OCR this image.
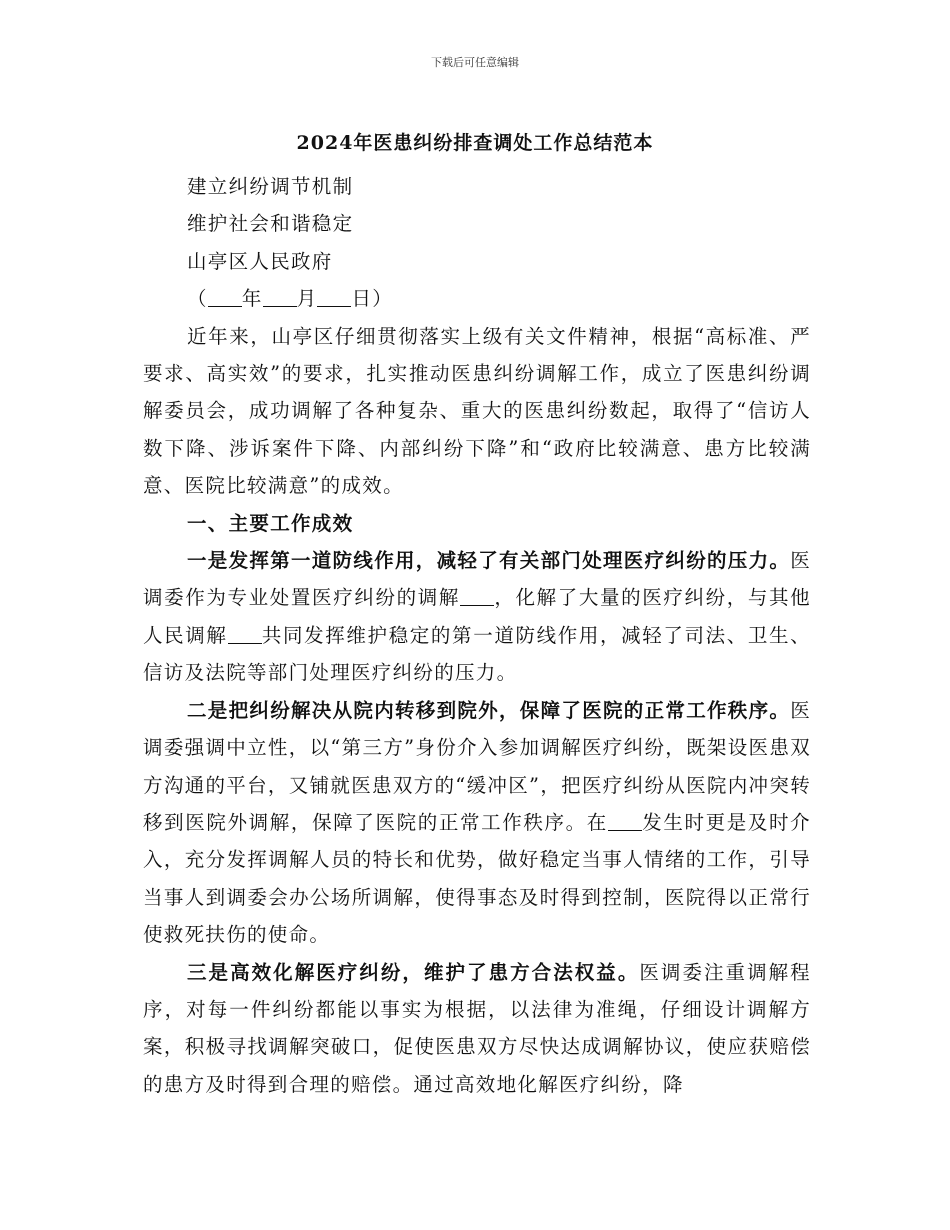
下载后可任意编辑
2024年医患纠纷排查调处工作总结范本

建立纠纷调节机制

维护社会和谐稳定

山亭区人民政府

（ 年 月 日）

近年来，山亭区仔细贯彻落实上级有关文件精神，根据“高标准、严要求、高实效”的要求，扎实推动医患纠纷调解工作，成立了医患纠纷调解委员会，成功调解了各种复杂、重大的医患纠纷数起，取得了“信访人数下降、涉诉案件下降、内部纠纷下降”和“政府比较满意、患方比较满意、医院比较满意”的成效。

一、主要工作成效

一是发挥第一道防线作用，减轻了有关部门处理医疗纠纷的压力。医调委作为专业处置医疗纠纷的调解 ，化解了大量的医疗纠纷，与其他人民调解 共同发挥维护稳定的第一道防线作用，减轻了司法、卫生、信访及法院等部门处理医疗纠纷的压力。

二是把纠纷解决从院内转移到院外，保障了医院的正常工作秩序。医调委强调中立性，以“第三方”身份介入参加调解医疗纠纷，既架设医患双方沟通的平台，又铺就医患双方的“缓冲区”，把医疗纠纷从医院内冲突转移到医院外调解，保障了医院的正常工作秩序。在 发生时更是及时介入，充分发挥调解人员的特长和优势，做好稳定当事人情绪的工作，引导当事人到调委会办公场所调解，使得事态及时得到控制，医院得以正常行使救死扶伤的使命。

三是高效化解医疗纠纷，维护了患方合法权益。医调委注重调解程序，对每一件纠纷都能以事实为根据，以法律为准绳，仔细设计调解方案，积极寻找调解突破口，促使医患双方尽快达成调解协议，使应获赔偿的患方及时得到合理的赔偿。通过高效地化解医疗纠纷，降
